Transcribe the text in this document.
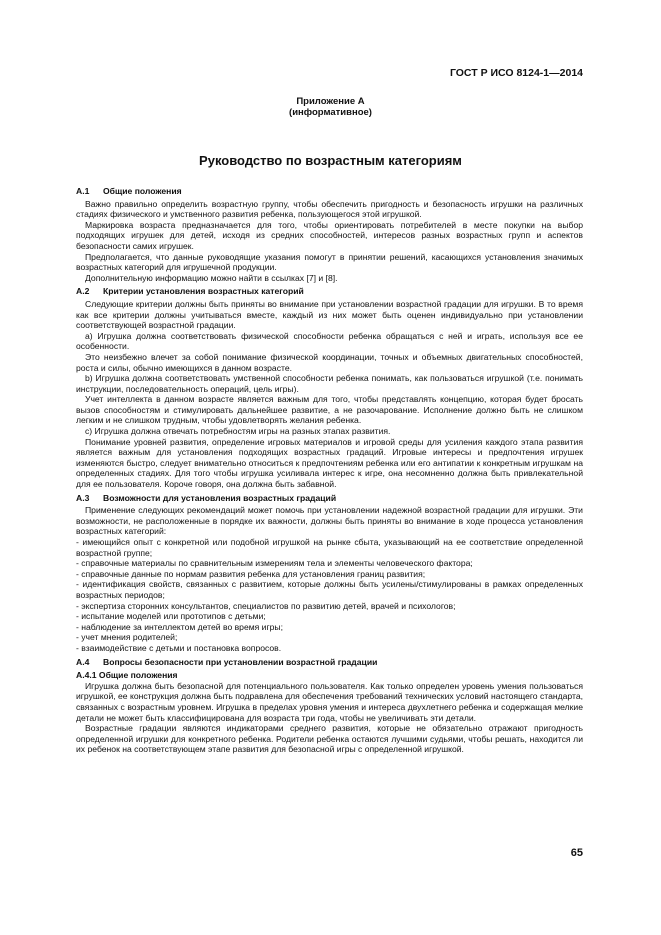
ГОСТ Р ИСО 8124-1—2014
Приложение А
(информативное)
Руководство по возрастным категориям

А.1 Общие положения

Важно правильно определить возрастную группу, чтобы обеспечить пригодность и безопасность игрушки на различных стадиях физического и умственного развития ребенка, пользующегося этой игрушкой.

Маркировка возраста предназначается для того, чтобы ориентировать потребителей в месте покупки на выбор подходящих игрушек для детей, исходя из средних способностей, интересов разных возрастных групп и аспектов безопасности самих игрушек.

Предполагается, что данные руководящие указания помогут в принятии решений, касающихся установления значимых возрастных категорий для игрушечной продукции.

Дополнительную информацию можно найти в ссылках [7] и [8].

А.2 Критерии установления возрастных категорий

Следующие критерии должны быть приняты во внимание при установлении возрастной градации для игрушки. В то время как все критерии должны учитываться вместе, каждый из них может быть оценен индивидуально при установлении соответствующей возрастной градации.

а) Игрушка должна соответствовать физической способности ребенка обращаться с ней и играть, используя все ее особенности.

Это неизбежно влечет за собой понимание физической координации, точных и объемных двигательных способностей, роста и силы, обычно имеющихся в данном возрасте.

b) Игрушка должна соответствовать умственной способности ребенка понимать, как пользоваться игрушкой (т.е. понимать инструкции, последовательность операций, цель игры).

Учет интеллекта в данном возрасте является важным для того, чтобы представлять концепцию, которая будет бросать вызов способностям и стимулировать дальнейшее развитие, а не разочарование. Исполнение должно быть не слишком легким и не слишком трудным, чтобы удовлетворять желания ребенка.

с) Игрушка должна отвечать потребностям игры на разных этапах развития.

Понимание уровней развития, определение игровых материалов и игровой среды для усиления каждого этапа развития является важным для установления подходящих возрастных градаций. Игровые интересы и предпочтения игрушек изменяются быстро, следует внимательно относиться к предпочтениям ребенка или его антипатии к конкретным игрушкам на определенных стадиях. Для того чтобы игрушка усиливала интерес к игре, она несомненно должна быть привлекательной для ее пользователя. Короче говоря, она должна быть забавной.

А.3 Возможности для установления возрастных градаций

Применение следующих рекомендаций может помочь при установлении надежной возрастной градации для игрушки. Эти возможности, не расположенные в порядке их важности, должны быть приняты во внимание в ходе процесса установления возрастных категорий:

- имеющийся опыт с конкретной или подобной игрушкой на рынке сбыта, указывающий на ее соответствие определенной возрастной группе;

- справочные материалы по сравнительным измерениям тела и элементы человеческого фактора;

- справочные данные по нормам развития ребенка для установления границ развития;

- идентификация свойств, связанных с развитием, которые должны быть усилены/стимулированы в рамках определенных возрастных периодов;

- экспертиза сторонних консультантов, специалистов по развитию детей, врачей и психологов;

- испытание моделей или прототипов с детьми;

- наблюдение за интеллектом детей во время игры;

- учет мнения родителей;

- взаимодействие с детьми и постановка вопросов.

А.4 Вопросы безопасности при установлении возрастной градации

А.4.1 Общие положения

Игрушка должна быть безопасной для потенциального пользователя. Как только определен уровень умения пользоваться игрушкой, ее конструкция должна быть подравлена для обеспечения требований технических условий настоящего стандарта, связанных с возрастным уровнем. Игрушка в пределах уровня умения и интереса двухлетнего ребенка и содержащая мелкие детали не может быть классифицирована для возраста три года, чтобы не увеличивать эти детали.

Возрастные градации являются индикаторами среднего развития, которые не обязательно отражают пригодность определенной игрушки для конкретного ребенка. Родители ребенка остаются лучшими судьями, чтобы решать, находится ли их ребенок на соответствующем этапе развития для безопасной игры с определенной игрушкой.

65
